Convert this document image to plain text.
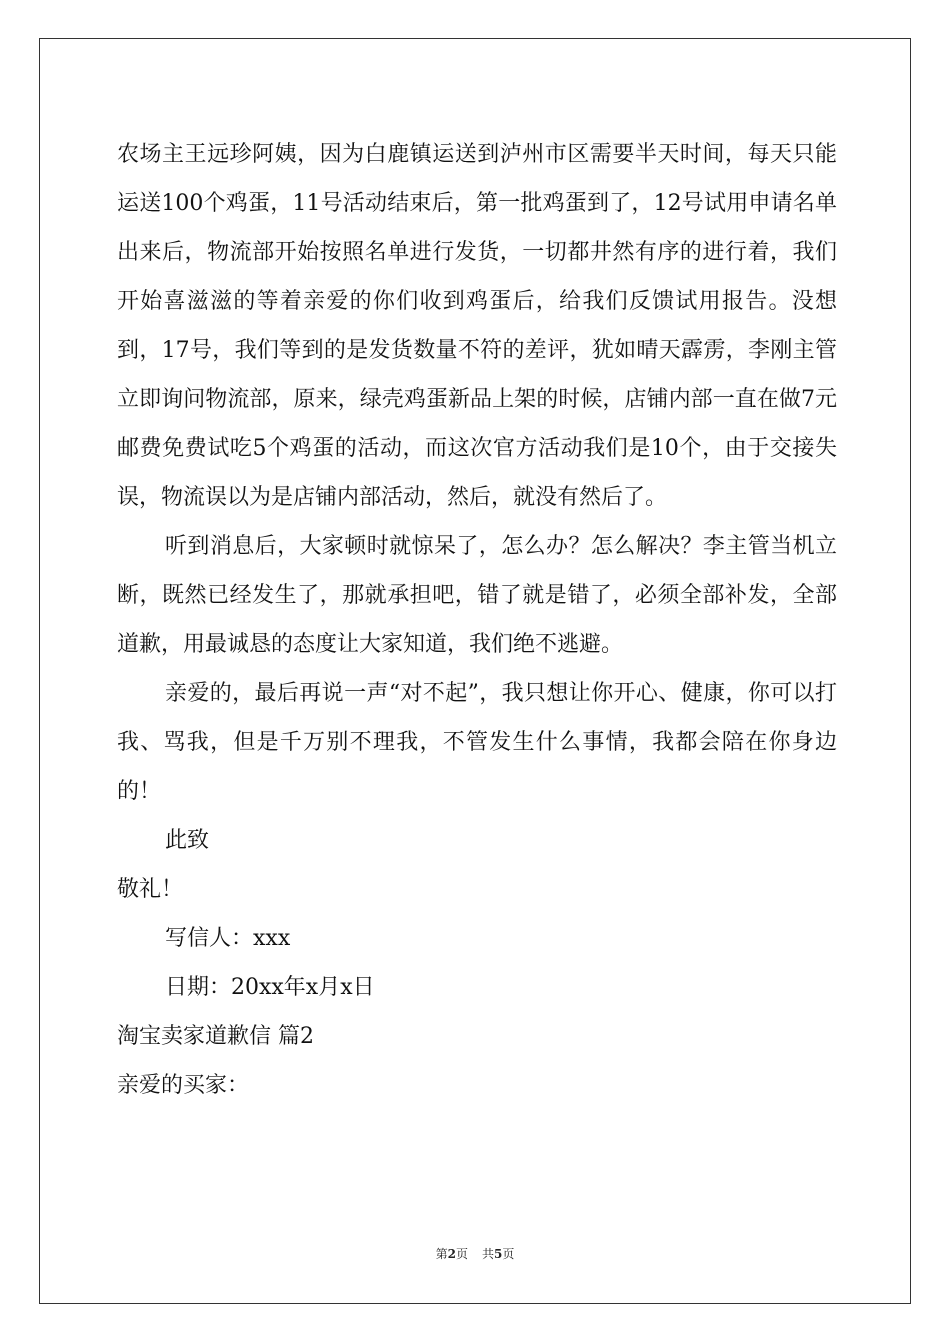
农场主王远珍阿姨，因为白鹿镇运送到泸州市区需要半天时间，每天只能运送100个鸡蛋，11号活动结束后，第一批鸡蛋到了，12号试用申请名单出来后，物流部开始按照名单进行发货，一切都井然有序的进行着，我们开始喜滋滋的等着亲爱的你们收到鸡蛋后，给我们反馈试用报告。没想到，17号，我们等到的是发货数量不符的差评，犹如晴天霹雳，李刚主管立即询问物流部，原来，绿壳鸡蛋新品上架的时候，店铺内部一直在做7元邮费免费试吃5个鸡蛋的活动，而这次官方活动我们是10个，由于交接失误，物流误以为是店铺内部活动，然后，就没有然后了。

听到消息后，大家顿时就惊呆了，怎么办？怎么解决？李主管当机立断，既然已经发生了，那就承担吧，错了就是错了，必须全部补发，全部道歉，用最诚恳的态度让大家知道，我们绝不逃避。

亲爱的，最后再说一声“对不起”，我只想让你开心、健康，你可以打我、骂我，但是千万别不理我，不管发生什么事情，我都会陪在你身边的！

此致

敬礼！

写信人：xxx

日期：20xx年x月x日

淘宝卖家道歉信 篇2

亲爱的买家：

第2页 共5页
